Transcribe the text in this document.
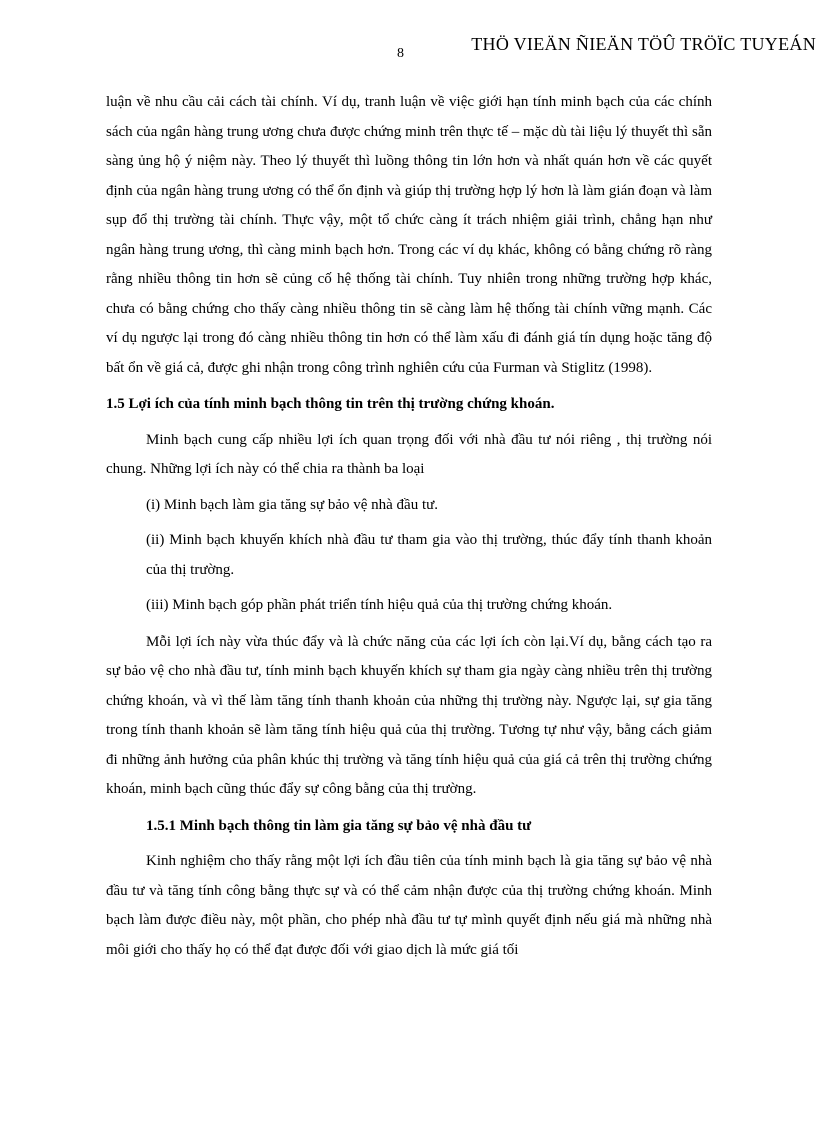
8	THÖ VIEÄN ÑIEÄN TÖÛ TRÖÏC TUYEÁN

luận về nhu cầu cải cách tài chính. Ví dụ, tranh luận về việc giới hạn tính minh bạch của các chính sách của ngân hàng trung ương chưa được chứng minh trên thực tế – mặc dù tài liệu lý thuyết thì sẵn sàng ủng hộ ý niệm này. Theo lý thuyết thì luồng thông tin lớn hơn và nhất quán hơn về các quyết định của ngân hàng trung ương có thể ổn định và giúp thị trường hợp lý hơn là làm gián đoạn và làm sụp đổ thị trường tài chính. Thực vậy, một tổ chức càng ít trách nhiệm giải trình, chẳng hạn như ngân hàng trung ương, thì càng minh bạch hơn. Trong các ví dụ khác, không có bằng chứng rõ ràng rằng nhiều thông tin hơn sẽ củng cố hệ thống tài chính. Tuy nhiên trong những trường hợp khác, chưa có bằng chứng cho thấy càng nhiều thông tin sẽ càng làm hệ thống tài chính vững mạnh. Các ví dụ ngược lại trong đó càng nhiều thông tin hơn có thể làm xấu đi đánh giá tín dụng hoặc tăng độ bất ổn về giá cả, được ghi nhận trong công trình nghiên cứu của Furman và Stiglitz (1998).

1.5 Lợi ích của tính minh bạch thông tin trên thị trường chứng khoán.

Minh bạch cung cấp nhiều lợi ích quan trọng đối với nhà đầu tư nói riêng , thị trường nói chung. Những lợi ích này có thể chia ra thành ba loại

(i) Minh bạch làm gia tăng sự bảo vệ nhà đầu tư.

(ii) Minh bạch khuyến khích nhà đầu tư tham gia vào thị trường, thúc đẩy tính thanh khoản của thị trường.

(iii) Minh bạch góp phần phát triển tính hiệu quả của thị trường chứng khoán.

Mỗi lợi ích này vừa thúc đẩy và là chức năng của các lợi ích còn lại.Ví dụ, bằng cách tạo ra sự bảo vệ cho nhà đầu tư, tính minh bạch khuyến khích sự tham gia ngày càng nhiều trên thị trường chứng khoán, và vì thế làm tăng tính thanh khoản của những thị trường này. Ngược lại, sự gia tăng trong tính thanh khoản sẽ làm tăng tính hiệu quả của thị trường. Tương tự như vậy, bằng cách giảm đi những ảnh hưởng của phân khúc thị trường và tăng tính hiệu quả của giá cả trên thị trường chứng khoán, minh bạch cũng thúc đẩy sự công bằng của thị trường.

1.5.1 Minh bạch thông tin làm gia tăng sự bảo vệ nhà đầu tư

Kinh nghiệm cho thấy rằng một lợi ích đầu tiên của tính minh bạch là gia tăng sự bảo vệ nhà đầu tư và tăng tính công bằng thực sự và có thể cảm nhận được của thị trường chứng khoán. Minh bạch làm được điều này, một phần, cho phép nhà đầu tư tự mình quyết định nếu giá mà những nhà môi giới cho thấy họ có thể đạt được đối với giao dịch là mức giá tối
